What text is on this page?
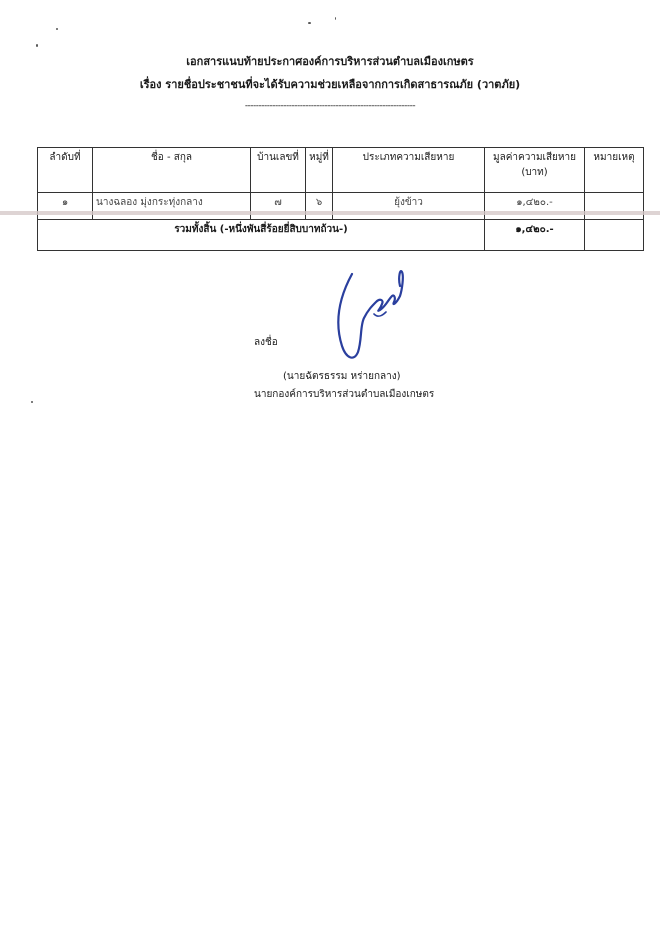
เอกสารแนบท้ายประกาศองค์การบริหารส่วนตำบลเมืองเกษตร
เรื่อง รายชื่อประชาชนที่จะได้รับความช่วยเหลือจากการเกิดสาธารณภัย (วาตภัย)
--------------------------------------------------------------
ลำดับที่	ชื่อ - สกุล	บ้านเลขที่	หมู่ที่	ประเภทความเสียหาย	มูลค่าความเสียหาย (บาท)	หมายเหตุ
๑	นางฉลอง มุ่งกระทุ่งกลาง	๗	๖	ยุ้งข้าว	๑,๔๒๐.-	
รวมทั้งสิ้น (-หนึ่งพันสี่ร้อยยี่สิบบาทถ้วน-)					๑,๔๒๐.-	
ลงชื่อ
(นายฉัตรธรรม หร่ายกลาง)
นายกองค์การบริหารส่วนตำบลเมืองเกษตร
